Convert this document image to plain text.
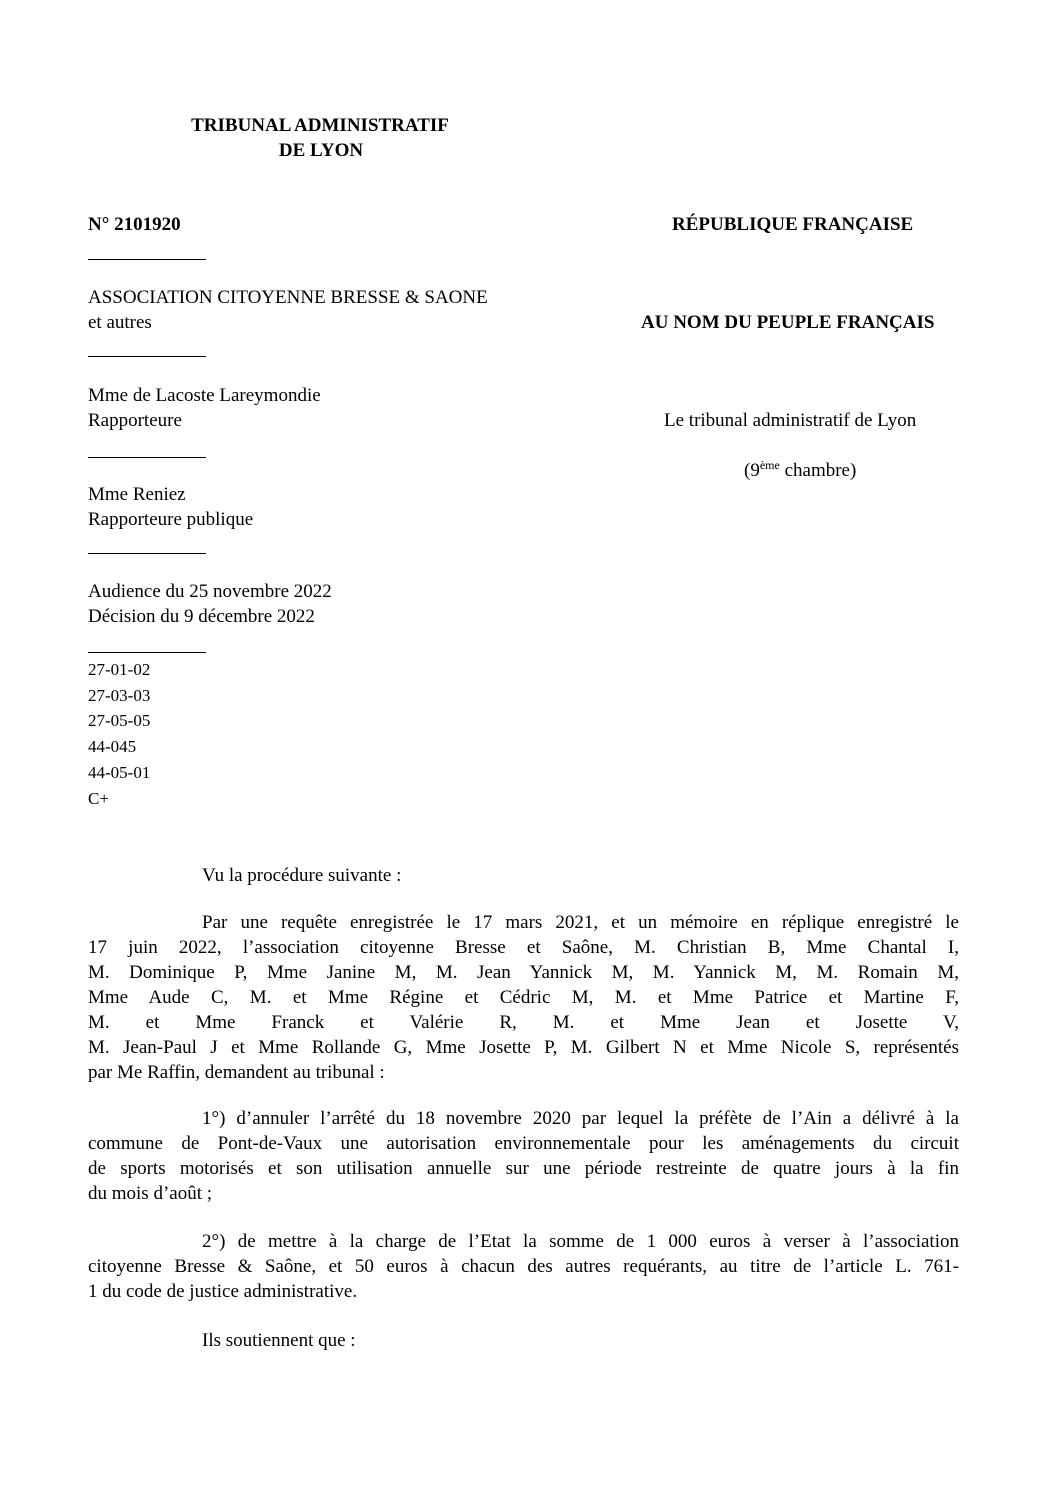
TRIBUNAL ADMINISTRATIF
DE LYON
N° 2101920	RÉPUBLIQUE FRANÇAISE
ASSOCIATION CITOYENNE BRESSE & SAONE
et autres	AU NOM DU PEUPLE FRANÇAIS
Mme de Lacoste Lareymondie
Rapporteure	Le tribunal administratif de Lyon
(9ème chambre)
Mme Reniez
Rapporteure publique
Audience du 25 novembre 2022
Décision du 9 décembre 2022
27-01-02
27-03-03
27-05-05
44-045
44-05-01
C+
Vu la procédure suivante :
Par une requête enregistrée le 17 mars 2021, et un mémoire en réplique enregistré le
17 juin 2022, l’association citoyenne Bresse et Saône, M. Christian B, Mme Chantal I,
M. Dominique P, Mme Janine M, M. Jean Yannick M, M. Yannick M, M. Romain M,
Mme Aude C, M. et Mme Régine et Cédric M, M. et Mme Patrice et Martine F,
M. et Mme Franck et Valérie R, M. et Mme Jean et Josette V,
M. Jean-Paul J et Mme Rollande G, Mme Josette P, M. Gilbert N et Mme Nicole S, représentés
par Me Raffin, demandent au tribunal :
1°) d’annuler l’arrêté du 18 novembre 2020 par lequel la préfète de l’Ain a délivré à la
commune de Pont-de-Vaux une autorisation environnementale pour les aménagements du circuit
de sports motorisés et son utilisation annuelle sur une période restreinte de quatre jours à la fin
du mois d’août ;
2°) de mettre à la charge de l’Etat la somme de 1 000 euros à verser à l’association
citoyenne Bresse & Saône, et 50 euros à chacun des autres requérants, au titre de l’article L. 761-
1 du code de justice administrative.
Ils soutiennent que :
